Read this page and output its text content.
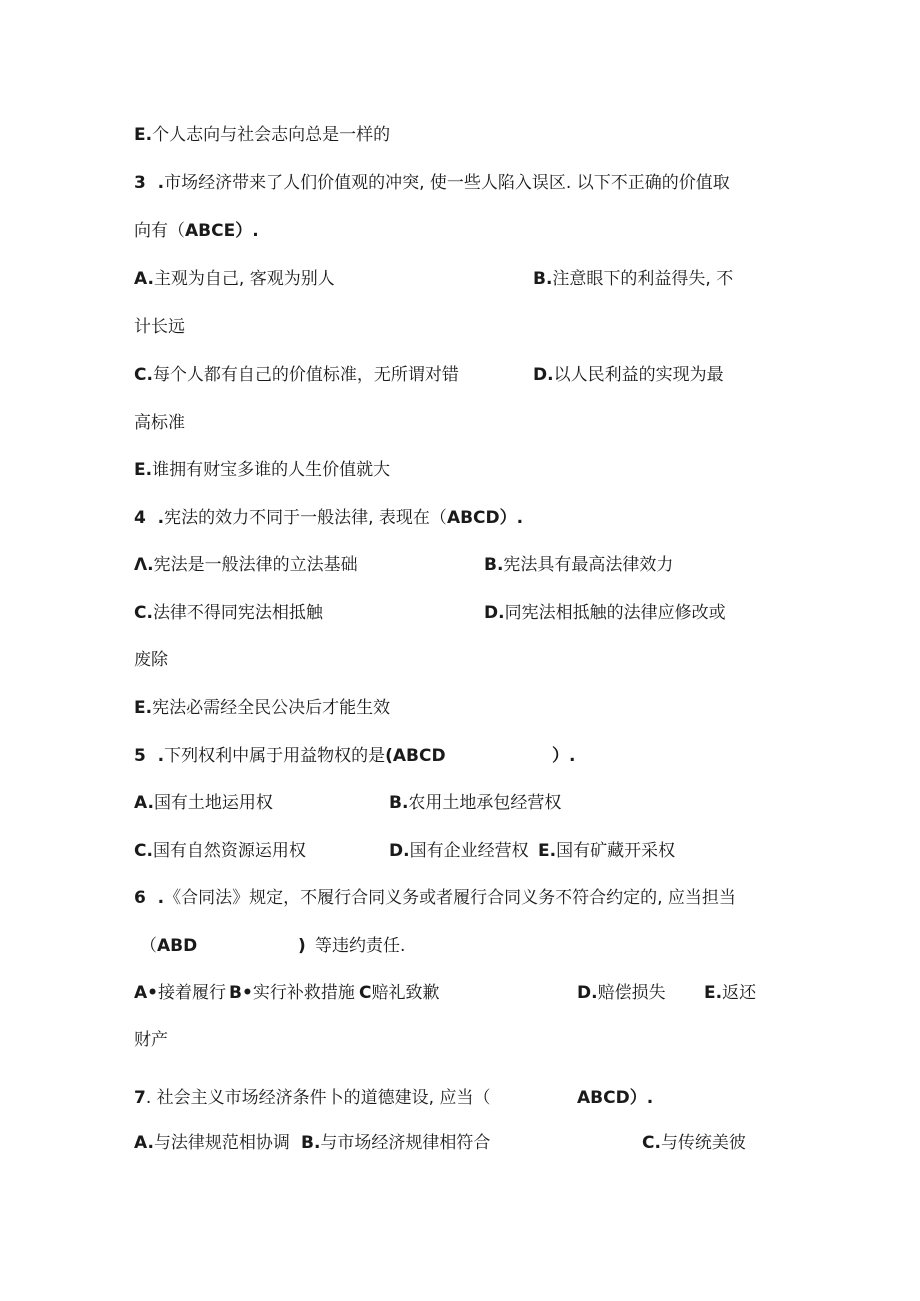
E.个人志向与社会志向总是一样的
3  .市场经济带来了人们价值观的冲突, 使一些人陷入误区. 以下不正确的价值取
向有（ABCE）.
A.主观为自己, 客观为别人	B.注意眼下的利益得失, 不
计长远
C.每个人都有自己的价值标准，无所谓对错	D.以人民利益的实现为最
高标准
E.谁拥有财宝多谁的人生价值就大
4  .宪法的效力不同于一般法律, 表现在（ABCD）.
Λ.宪法是一般法律的立法基础	B.宪法具有最高法律效力
C.法律不得同宪法相抵触	D.同宪法相抵触的法律应修改或
废除
E.宪法必需经全民公决后才能生效
5  .下列权利中属于用益物权的是(ABCD	）.
A.国有土地运用权	B.农用土地承包经营权
C.国有自然资源运用权	D.国有企业经营权 E.国有矿藏开采权
6  .《合同法》规定，不履行合同义务或者履行合同义务不符合约定的, 应当担当
（ABD	) 等违约责任.
A•接着履行 B•实行补救措施 C赔礼致歉	D.赔偿损失 E.返还
财产
7. 社会主义市场经济条件卜的道德建设, 应当（	ABCD）.
A.与法律规范相协调 B.与市场经济规律相符合	C.与传统美彼
